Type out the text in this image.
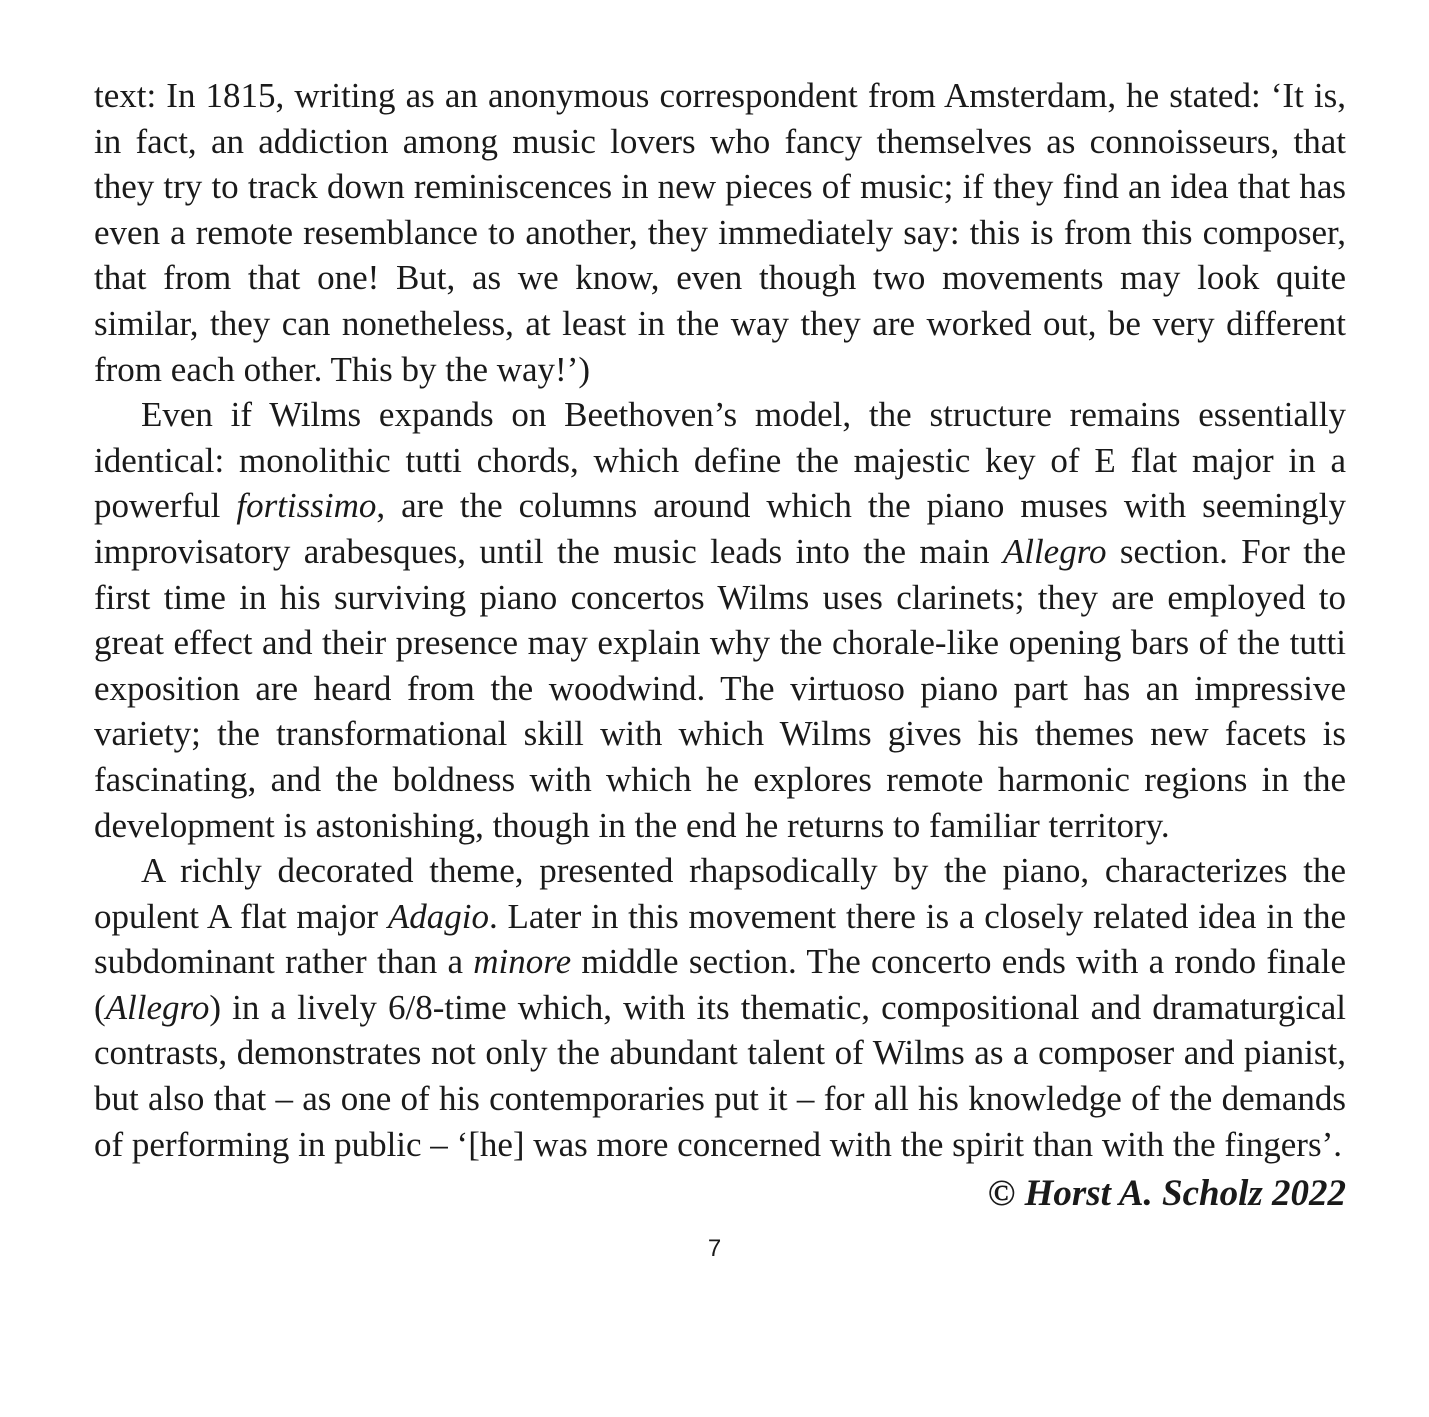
text: In 1815, writing as an anonymous correspondent from Amsterdam, he stated: ‘It is, in fact, an addiction among music lovers who fancy themselves as connoisseurs, that they try to track down reminiscences in new pieces of music; if they find an idea that has even a remote resemblance to another, they immediately say: this is from this composer, that from that one! But, as we know, even though two movements may look quite similar, they can nonetheless, at least in the way they are worked out, be very different from each other. This by the way!’)

Even if Wilms expands on Beethoven’s model, the structure remains essentially identical: monolithic tutti chords, which define the majestic key of E flat major in a powerful fortissimo, are the columns around which the piano muses with seemingly improvisatory arabesques, until the music leads into the main Allegro section. For the first time in his surviving piano concertos Wilms uses clarinets; they are employed to great effect and their presence may explain why the chorale-like opening bars of the tutti exposition are heard from the woodwind. The virtuoso piano part has an impressive variety; the transformational skill with which Wilms gives his themes new facets is fascinating, and the boldness with which he explores remote harmonic regions in the development is astonishing, though in the end he returns to familiar territory.

A richly decorated theme, presented rhapsodically by the piano, characterizes the opulent A flat major Adagio. Later in this movement there is a closely related idea in the subdominant rather than a minore middle section. The concerto ends with a rondo finale (Allegro) in a lively 6/8-time which, with its thematic, compositional and dramaturgical contrasts, demonstrates not only the abundant talent of Wilms as a composer and pianist, but also that – as one of his contemporaries put it – for all his knowledge of the demands of performing in public – ‘[he] was more concerned with the spirit than with the fingers’.

© Horst A. Scholz 2022

7
